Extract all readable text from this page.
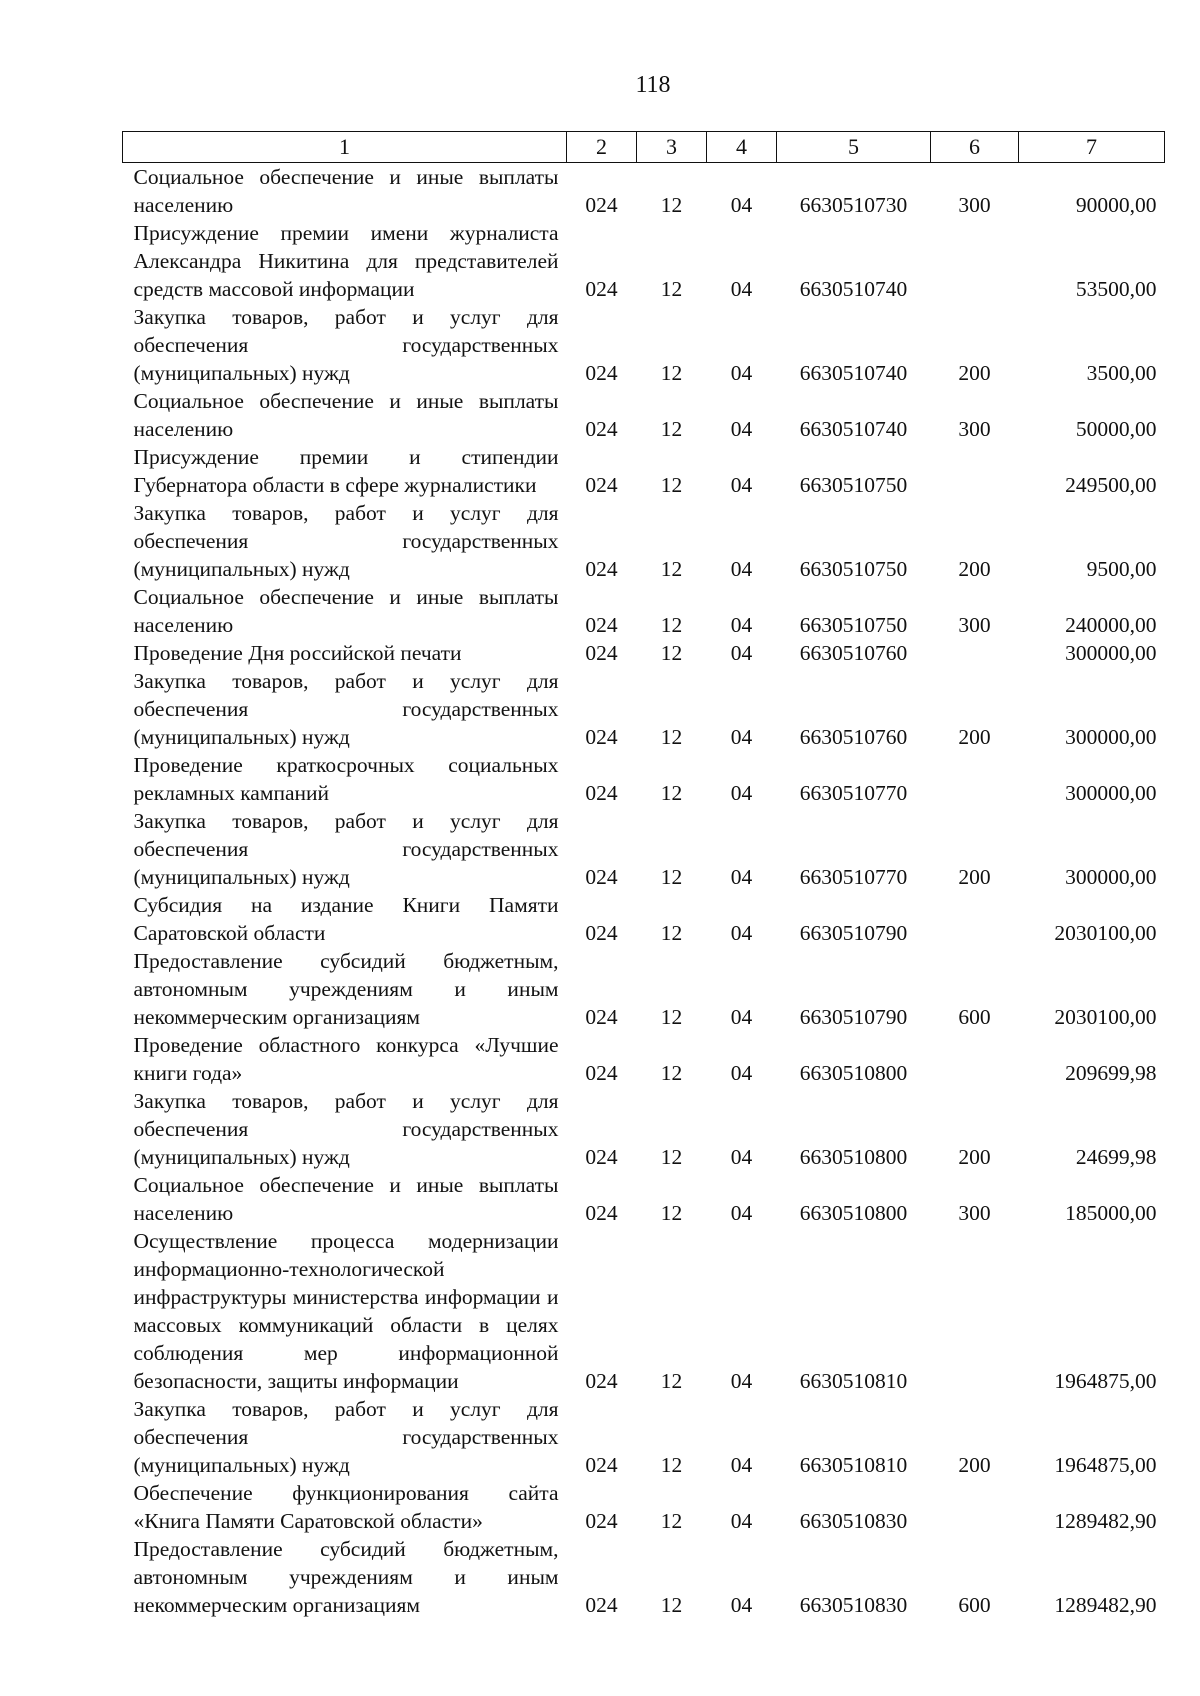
118
1	2	3	4	5	6	7
Социальное обеспечение и иные выплаты населению	024	12	04	6630510730	300	90000,00
Присуждение премии имени журналиста Александра Никитина для представителей средств массовой информации	024	12	04	6630510740		53500,00
Закупка товаров, работ и услуг для обеспечения государственных (муниципальных) нужд	024	12	04	6630510740	200	3500,00
Социальное обеспечение и иные выплаты населению	024	12	04	6630510740	300	50000,00
Присуждение премии и стипендии Губернатора области в сфере журналистики	024	12	04	6630510750		249500,00
Закупка товаров, работ и услуг для обеспечения государственных (муниципальных) нужд	024	12	04	6630510750	200	9500,00
Социальное обеспечение и иные выплаты населению	024	12	04	6630510750	300	240000,00
Проведение Дня российской печати	024	12	04	6630510760		300000,00
Закупка товаров, работ и услуг для обеспечения государственных (муниципальных) нужд	024	12	04	6630510760	200	300000,00
Проведение краткосрочных социальных рекламных кампаний	024	12	04	6630510770		300000,00
Закупка товаров, работ и услуг для обеспечения государственных (муниципальных) нужд	024	12	04	6630510770	200	300000,00
Субсидия на издание Книги Памяти Саратовской области	024	12	04	6630510790		2030100,00
Предоставление субсидий бюджетным, автономным учреждениям и иным некоммерческим организациям	024	12	04	6630510790	600	2030100,00
Проведение областного конкурса «Лучшие книги года»	024	12	04	6630510800		209699,98
Закупка товаров, работ и услуг для обеспечения государственных (муниципальных) нужд	024	12	04	6630510800	200	24699,98
Социальное обеспечение и иные выплаты населению	024	12	04	6630510800	300	185000,00
Осуществление процесса модернизации информационно-технологической инфраструктуры министерства информации и массовых коммуникаций области в целях соблюдения мер информационной безопасности, защиты информации	024	12	04	6630510810		1964875,00
Закупка товаров, работ и услуг для обеспечения государственных (муниципальных) нужд	024	12	04	6630510810	200	1964875,00
Обеспечение функционирования сайта «Книга Памяти Саратовской области»	024	12	04	6630510830		1289482,90
Предоставление субсидий бюджетным, автономным учреждениям и иным некоммерческим организациям	024	12	04	6630510830	600	1289482,90
